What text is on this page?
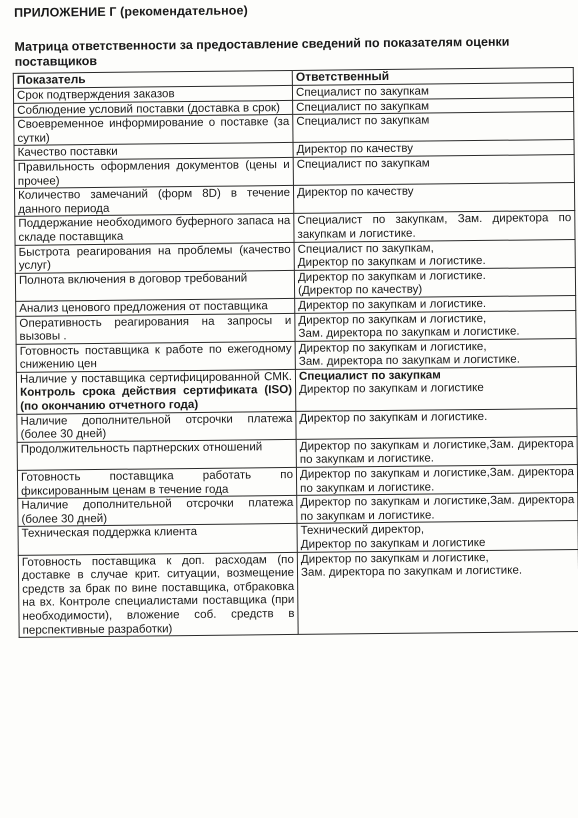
ПРИЛОЖЕНИЕ Г (рекомендательное)
Матрица ответственности за предоставление сведений по показателям оценки поставщиков
Показатель	Ответственный
Срок подтверждения заказов	Специалист по закупкам

Соблюдение условий поставки (доставка в срок)	Специалист по закупкам

Своевременное информирование о поставке (за сутки)	Специалист по закупкам

Качество поставки	Директор по качеству

Правильность оформления документов (цены и прочее)	Специалист по закупкам

Количество замечаний (форм 8D) в течение данного периода	Директор по качеству

Поддержание необходимого буферного запаса на складе поставщика	Специалист по закупкам, Зам. директора по закупкам и логистике.

Быстрота реагирования на проблемы (качество услуг)	Специалист по закупкам,
Директор по закупкам и логистике.

Полнота включения в договор требований	Директор по закупкам и логистике.
(Директор по качеству)

Анализ ценового предложения от поставщика	Директор по закупкам и логистике.

Оперативность реагирования на запросы и вызовы .	Директор по закупкам и логистике,
Зам. директора по закупкам и логистике.

Готовность поставщика к работе по ежегодному снижению цен	Директор по закупкам и логистике,
Зам. директора по закупкам и логистике.

Наличие у поставщика сертифицированной СМК. Контроль срока действия сертификата (ISO) (по окончанию отчетного года)	Специалист по закупкам
Директор по закупкам и логистике

Наличие дополнительной отсрочки платежа (более 30 дней)	Директор по закупкам и логистике.

Продолжительность партнерских отношений	Директор по закупкам и логистике,Зам. директора по закупкам и логистике.

Готовность поставщика работать по фиксированным ценам в течение года	Директор по закупкам и логистике,Зам. директора по закупкам и логистике.

Наличие дополнительной отсрочки платежа (более 30 дней)	Директор по закупкам и логистике,Зам. директора по закупкам и логистике.

Техническая поддержка клиента	Технический директор,
Директор по закупкам и логистике

Готовность поставщика к доп. расходам (по доставке в случае крит. ситуации, возмещение средств за брак по вине поставщика, отбраковка на вх. Контроле специалистами поставщика (при необходимости), вложение соб. средств в перспективные разработки)	Директор по закупкам и логистике,
Зам. директора по закупкам и логистике.
